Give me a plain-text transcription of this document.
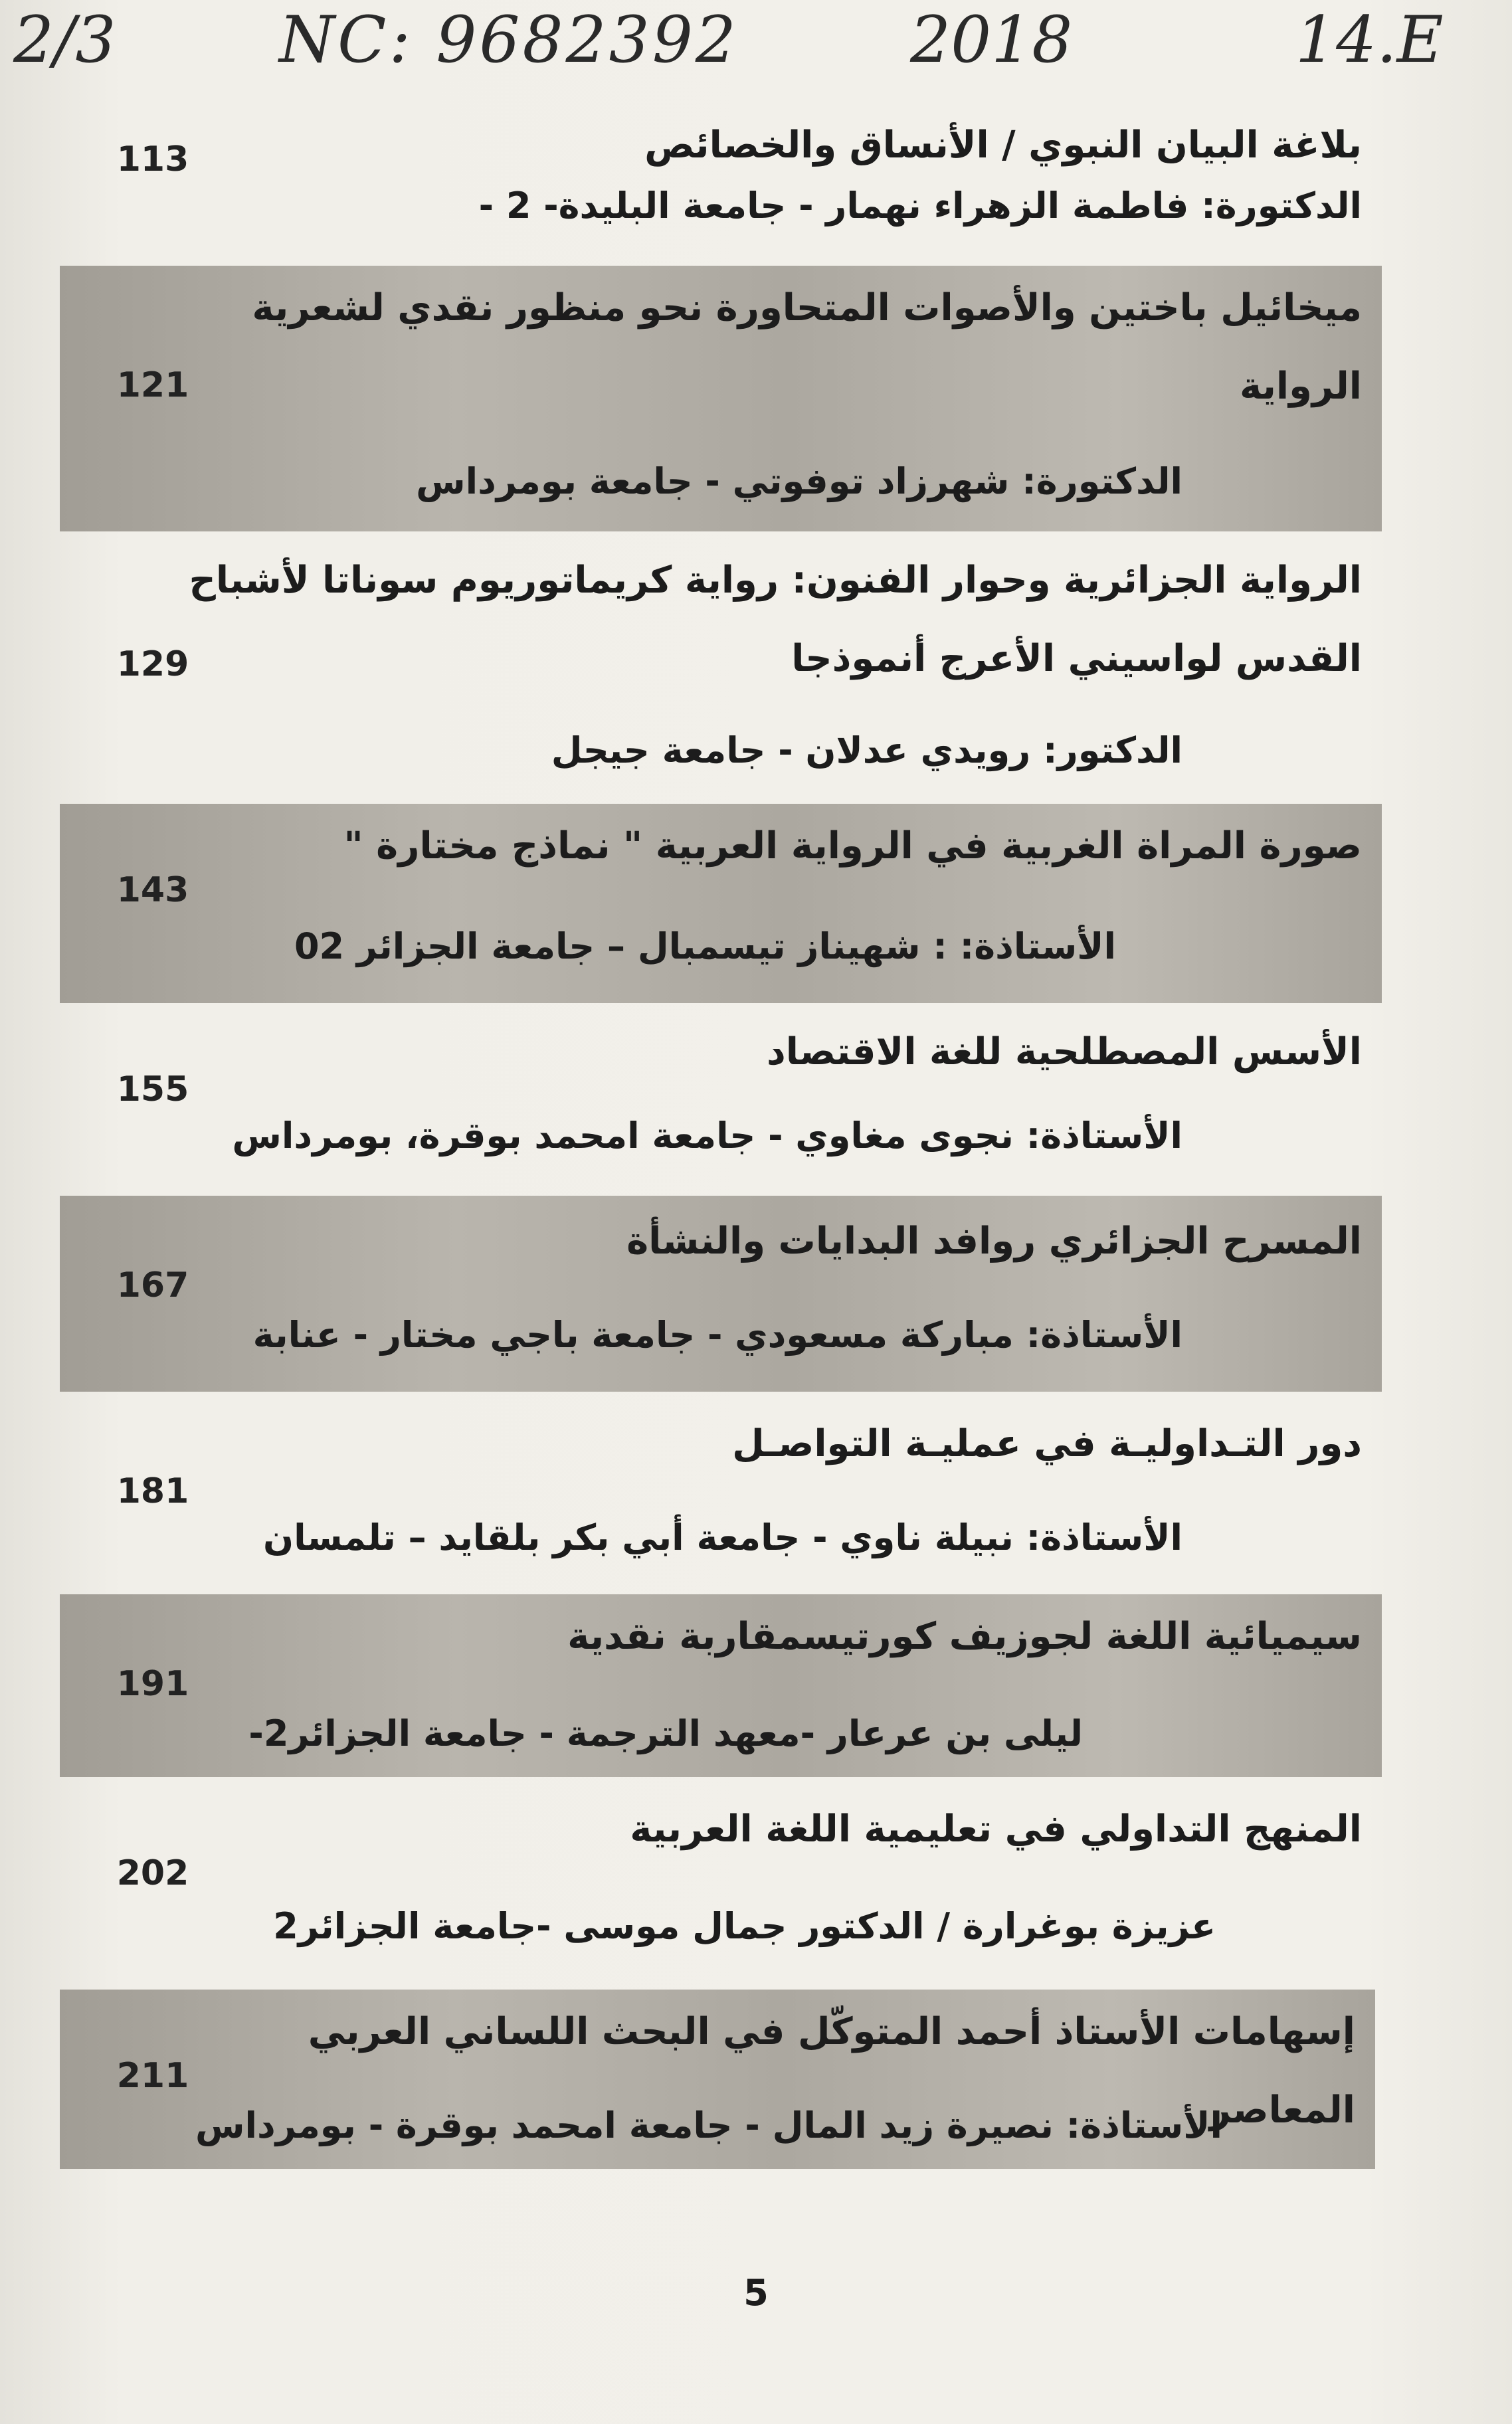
2/3	NC: 9682392	2018	14.E
بلاغة البيان النبوي / الأنساق والخصائص
الدكتورة: فاطمة الزهراء نهمار - جامعة البليدة- 2 -
113
ميخائيل باختين والأصوات المتحاورة نحو منظور نقدي لشعرية الرواية
الدكتورة: شهرزاد توفوتي - جامعة بومرداس
121
الرواية الجزائرية وحوار الفنون: رواية كريماتوريوم سوناتا لأشباح القدس لواسيني الأعرج أنموذجا
الدكتور: رويدي عدلان - جامعة جيجل
129
صورة المراة الغربية في الرواية العربية " نماذج مختارة "
الأستاذة: : شهيناز تيسمبال – جامعة الجزائر 02
143
الأسس المصطلحية للغة الاقتصاد
الأستاذة: نجوى مغاوي - جامعة امحمد بوقرة، بومرداس
155
المسرح الجزائري روافد البدايات والنشأة
الأستاذة: مباركة مسعودي - جامعة باجي مختار - عنابة
167
دور التـداوليـة في عمليـة التواصـل
الأستاذة: نبيلة ناوي - جامعة أبي بكر بلقايد – تلمسان
181
سيميائية اللغة لجوزيف كورتيسمقاربة نقدية
ليلى بن عرعار -معهد الترجمة - جامعة الجزائر2-
191
المنهج التداولي في تعليمية اللغة العربية
عزيزة بوغرارة / الدكتور جمال موسى -جامعة الجزائر2
202
إسهامات الأستاذ أحمد المتوكّل في البحث اللساني العربي المعاصر
الأستاذة: نصيرة زيد المال - جامعة امحمد بوقرة - بومرداس
211
5
